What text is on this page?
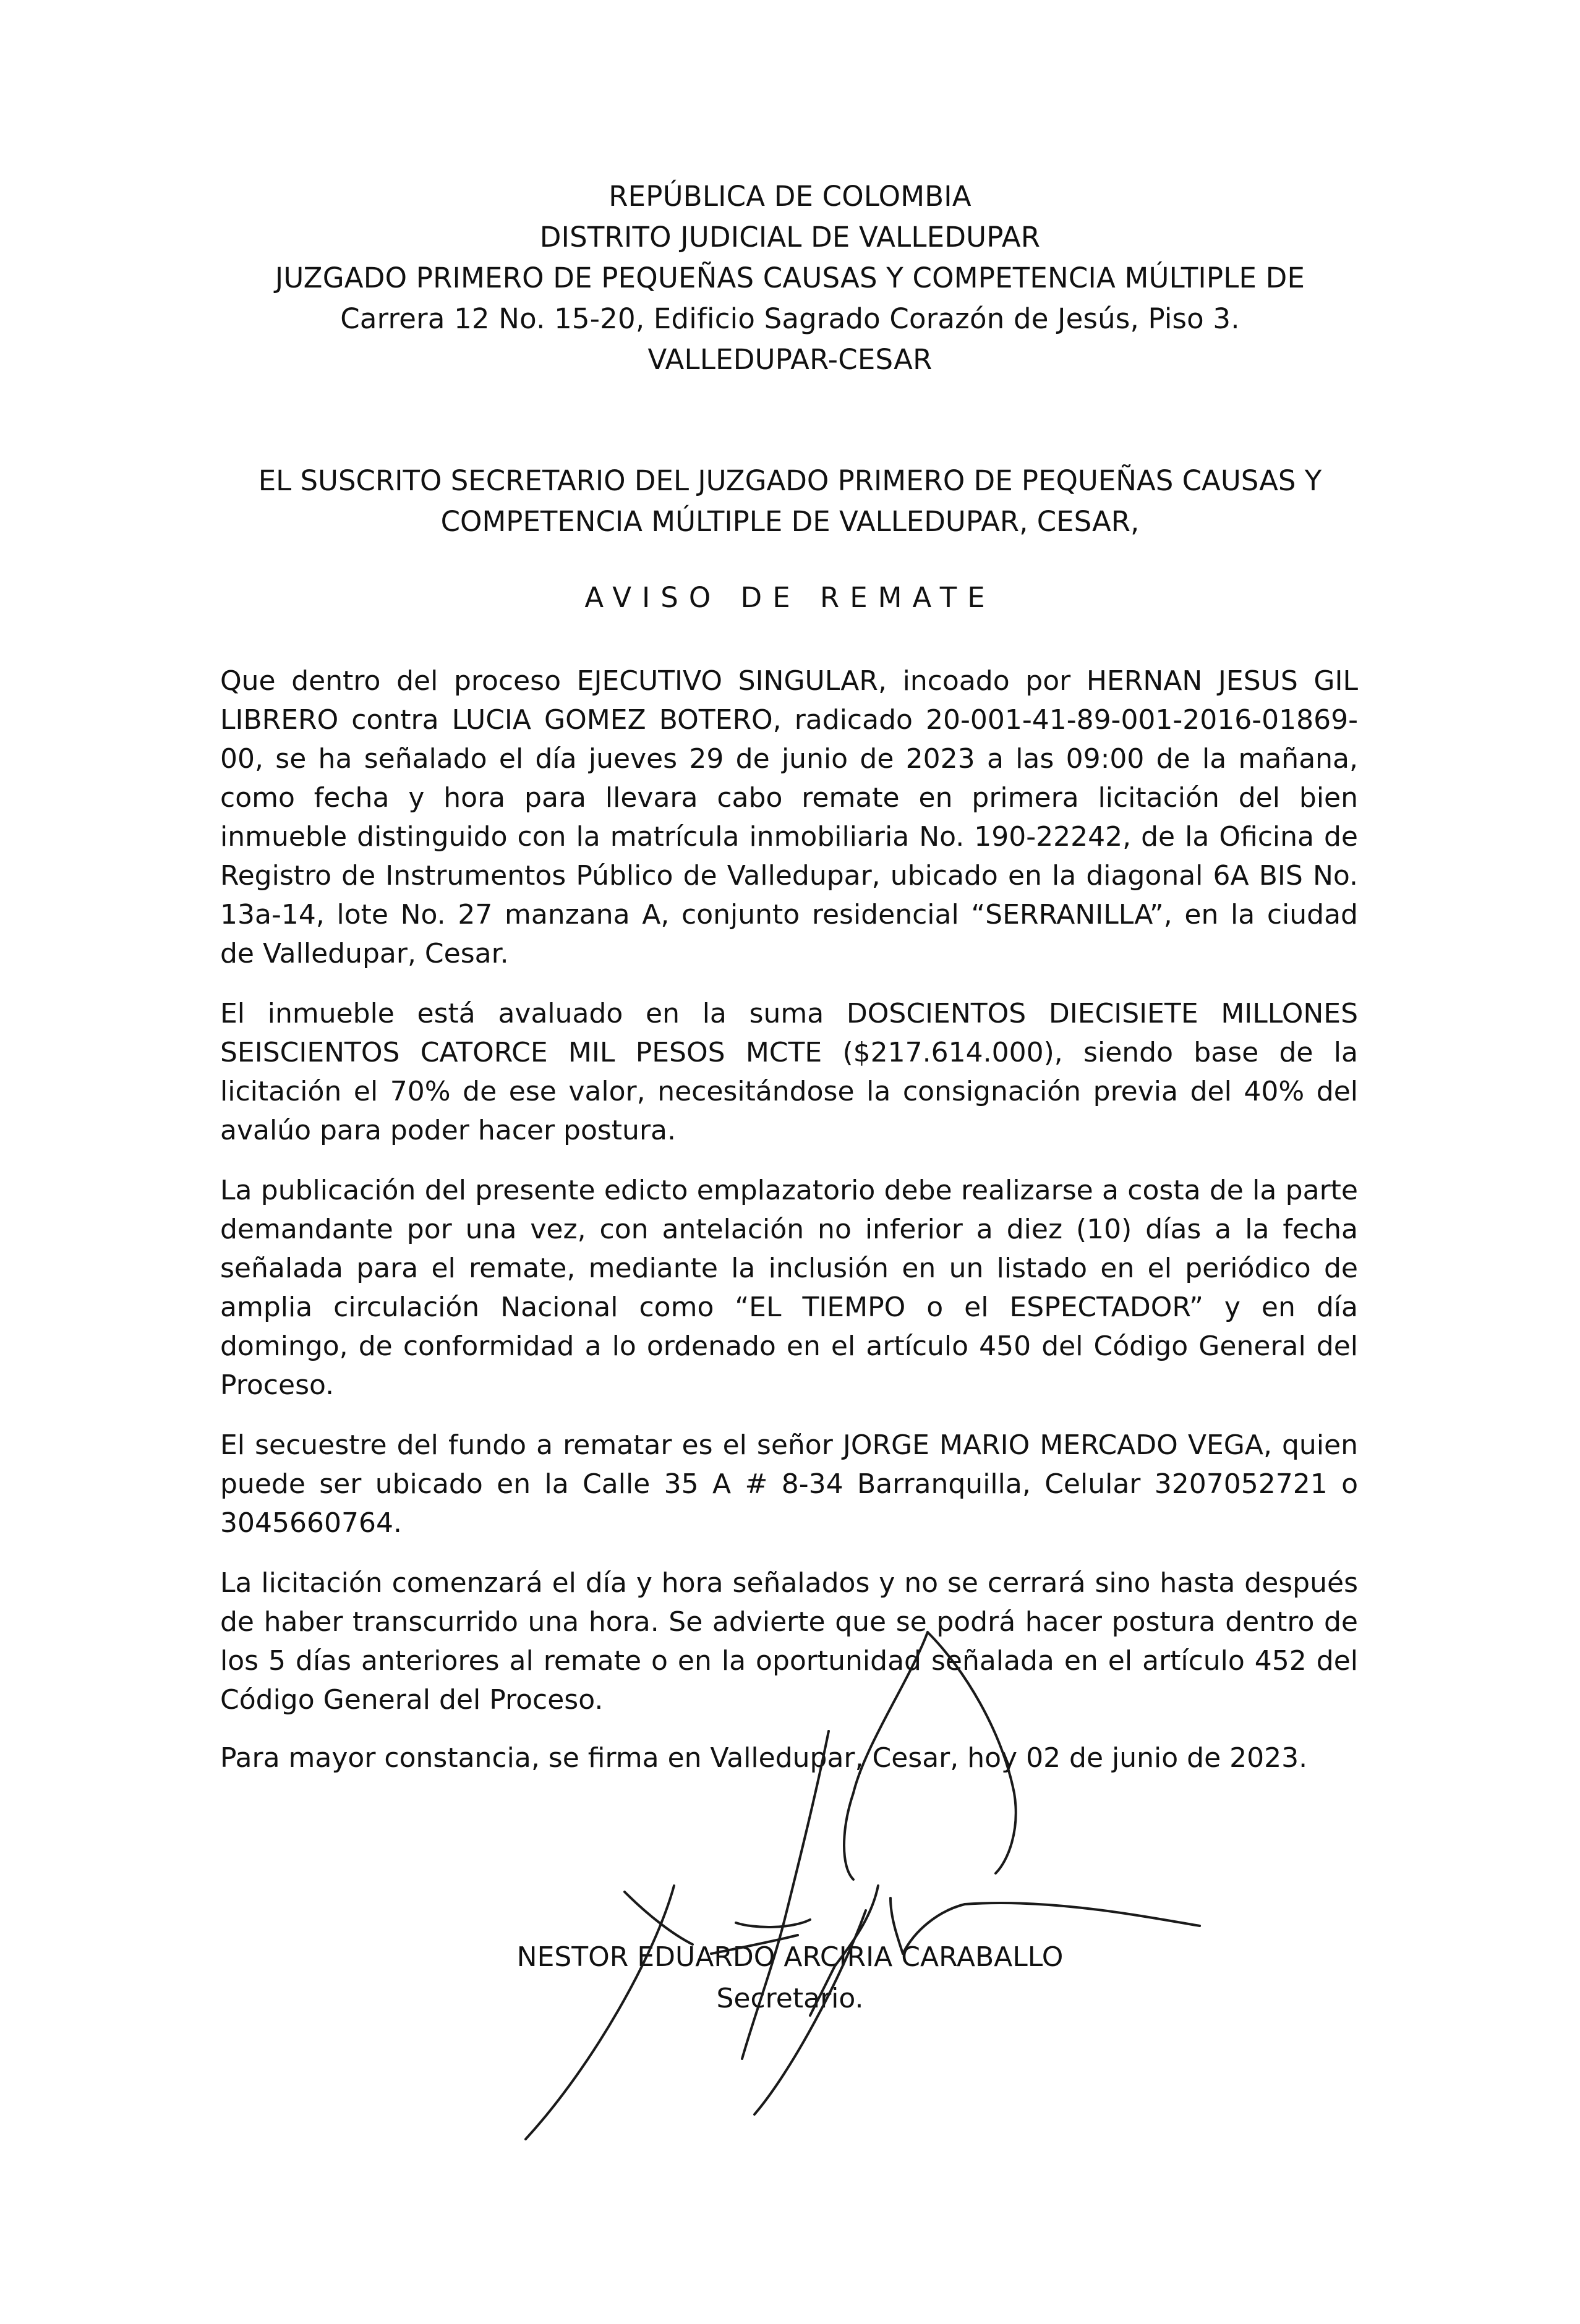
REPÚBLICA DE COLOMBIA
DISTRITO JUDICIAL DE VALLEDUPAR
JUZGADO PRIMERO DE PEQUEÑAS CAUSAS Y COMPETENCIA MÚLTIPLE DE
Carrera 12 No. 15-20, Edificio Sagrado Corazón de Jesús, Piso 3.
VALLEDUPAR-CESAR
EL SUSCRITO SECRETARIO DEL JUZGADO PRIMERO DE PEQUEÑAS CAUSAS Y
COMPETENCIA MÚLTIPLE DE VALLEDUPAR, CESAR,
AVISO DE REMATE

Que dentro del proceso EJECUTIVO SINGULAR, incoado por HERNAN JESUS GIL LIBRERO contra LUCIA GOMEZ BOTERO, radicado 20-001-41-89-001-2016-01869-00, se ha señalado el día jueves 29 de junio de 2023 a las 09:00 de la mañana, como fecha y hora para llevara cabo remate en primera licitación del bien inmueble distinguido con la matrícula inmobiliaria No. 190-22242, de la Oficina de Registro de Instrumentos Público de Valledupar, ubicado en la diagonal 6A BIS No. 13a-14, lote No. 27 manzana A, conjunto residencial “SERRANILLA”, en la ciudad de Valledupar, Cesar.

El inmueble está avaluado en la suma DOSCIENTOS DIECISIETE MILLONES SEISCIENTOS CATORCE MIL PESOS MCTE ($217.614.000), siendo base de la licitación el 70% de ese valor, necesitándose la consignación previa del 40% del avalúo para poder hacer postura.

La publicación del presente edicto emplazatorio debe realizarse a costa de la parte demandante por una vez, con antelación no inferior a diez (10) días a la fecha señalada para el remate, mediante la inclusión en un listado en el periódico de amplia circulación Nacional como “EL TIEMPO o el ESPECTADOR” y en día domingo, de conformidad a lo ordenado en el artículo 450 del Código General del Proceso.

El secuestre del fundo a rematar es el señor JORGE MARIO MERCADO VEGA, quien puede ser ubicado en la Calle 35 A # 8-34 Barranquilla, Celular 3207052721 o 3045660764.

La licitación comenzará el día y hora señalados y no se cerrará sino hasta después de haber transcurrido una hora. Se advierte que se podrá hacer postura dentro de los 5 días anteriores al remate o en la oportunidad señalada en el artículo 452 del Código General del Proceso.

Para mayor constancia, se firma en Valledupar, Cesar, hoy 02 de junio de 2023.
NESTOR EDUARDO ARCIRIA CARABALLO
Secretario.
